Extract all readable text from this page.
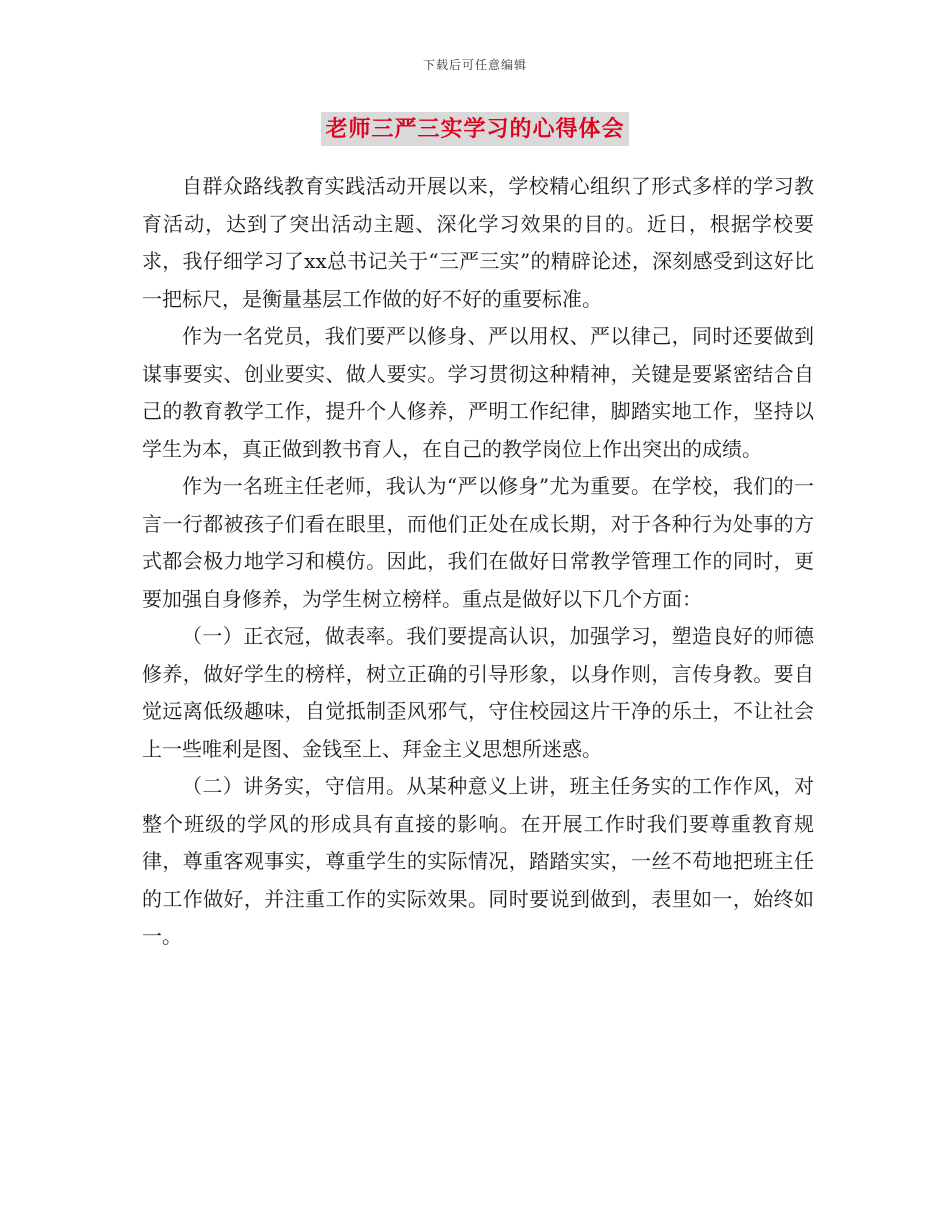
下载后可任意编辑
老师三严三实学习的心得体会

自群众路线教育实践活动开展以来，学校精心组织了形式多样的学习教育活动，达到了突出活动主题、深化学习效果的目的。近日，根据学校要求，我仔细学习了xx总书记关于“三严三实”的精辟论述，深刻感受到这好比一把标尺，是衡量基层工作做的好不好的重要标准。

作为一名党员，我们要严以修身、严以用权、严以律己，同时还要做到谋事要实、创业要实、做人要实。学习贯彻这种精神，关键是要紧密结合自己的教育教学工作，提升个人修养，严明工作纪律，脚踏实地工作，坚持以学生为本，真正做到教书育人，在自己的教学岗位上作出突出的成绩。

作为一名班主任老师，我认为“严以修身”尤为重要。在学校，我们的一言一行都被孩子们看在眼里，而他们正处在成长期，对于各种行为处事的方式都会极力地学习和模仿。因此，我们在做好日常教学管理工作的同时，更要加强自身修养，为学生树立榜样。重点是做好以下几个方面：

（一）正衣冠，做表率。我们要提高认识，加强学习，塑造良好的师德修养，做好学生的榜样，树立正确的引导形象，以身作则，言传身教。要自觉远离低级趣味，自觉抵制歪风邪气，守住校园这片干净的乐土，不让社会上一些唯利是图、金钱至上、拜金主义思想所迷惑。

（二）讲务实，守信用。从某种意义上讲，班主任务实的工作作风，对整个班级的学风的形成具有直接的影响。在开展工作时我们要尊重教育规律，尊重客观事实，尊重学生的实际情况，踏踏实实，一丝不苟地把班主任的工作做好，并注重工作的实际效果。同时要说到做到，表里如一，始终如一。
